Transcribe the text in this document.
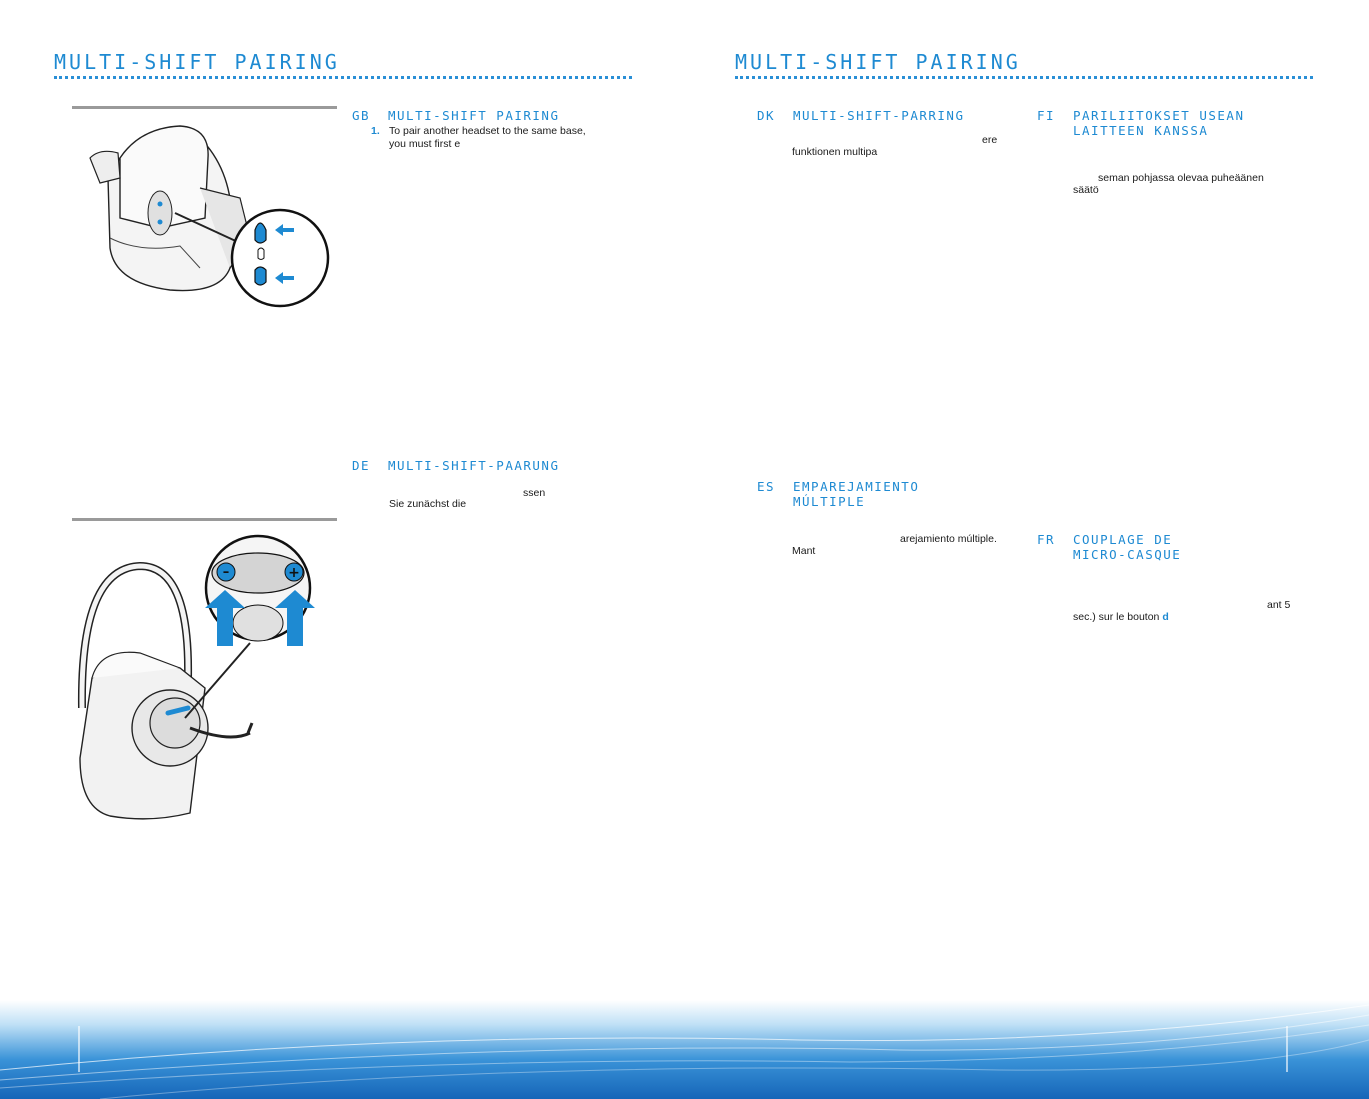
MULTI-SHIFT PAIRING
–	+
GB MULTI-SHIFT PAIRING
1. To pair another headset to the same base,
you must first e
DE MULTI-SHIFT-PAARUNG
ssen
Sie zunächst die
MULTI-SHIFT PAIRING
DK MULTI-SHIFT-PARRING
ere
funktionen multipa
FI PARILIITOKSET USEAN
LAITTEEN KANSSA
seman pohjassa olevaa puheäänen
säätö
ES EMPAREJAMIENTO
MÚLTIPLE
arejamiento múltiple.
Mant
FR COUPLAGE DE
MICRO-CASQUE
ant 5
sec.) sur le bouton d
